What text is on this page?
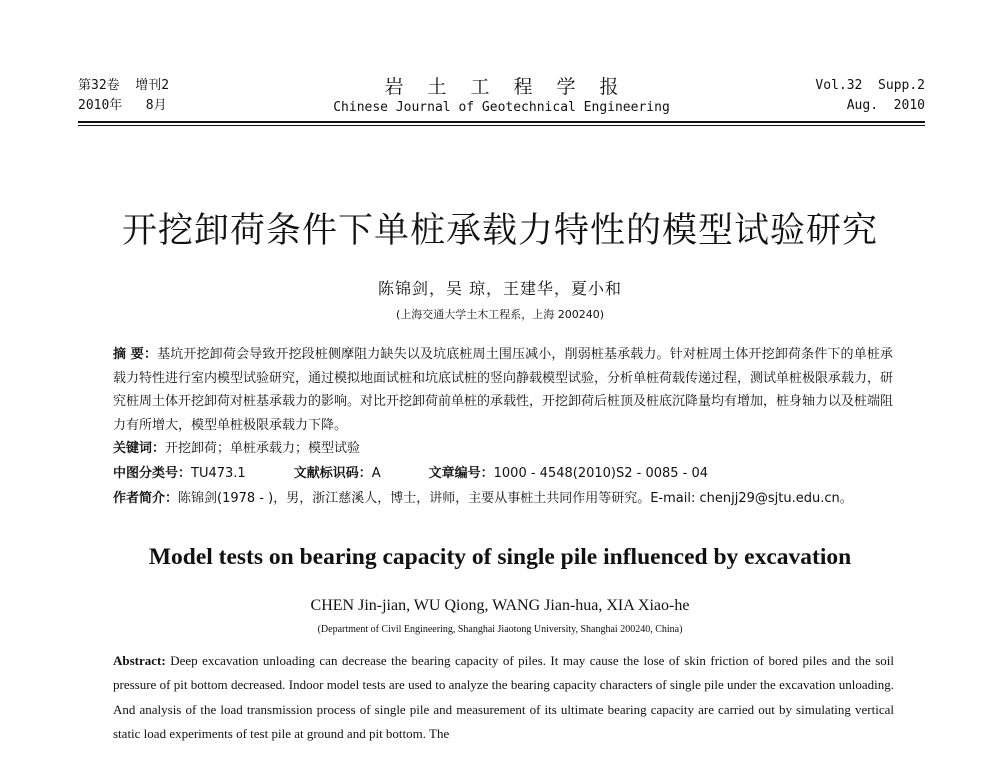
第32卷  增刊2
2010年   8月
岩土工程学报
Chinese Journal of Geotechnical Engineering
Vol.32  Supp.2
Aug.  2010
开挖卸荷条件下单桩承载力特性的模型试验研究
陈锦剑，吴 琼，王建华，夏小和
(上海交通大学土木工程系，上海 200240)
摘 要：基坑开挖卸荷会导致开挖段桩侧摩阻力缺失以及坑底桩周土围压减小，削弱桩基承载力。针对桩周土体开挖卸荷条件下的单桩承载力特性进行室内模型试验研究，通过模拟地面试桩和坑底试桩的竖向静载模型试验，分析单桩荷载传递过程，测试单桩极限承载力，研究桩周土体开挖卸荷对桩基承载力的影响。对比开挖卸荷前单桩的承载性，开挖卸荷后桩顶及桩底沉降量均有增加，桩身轴力以及桩端阻力有所增大，模型单桩极限承载力下降。
关键词：开挖卸荷；单桩承载力；模型试验
中图分类号：TU473.1	文献标识码：A	文章编号：1000 - 4548(2010)S2 - 0085 - 04
作者简介：陈锦剑(1978 - )，男，浙江慈溪人，博士，讲师，主要从事桩土共同作用等研究。E-mail: chenjj29@sjtu.edu.cn。
Model tests on bearing capacity of single pile influenced by excavation
CHEN Jin-jian, WU Qiong, WANG Jian-hua, XIA Xiao-he
(Department of Civil Engineering, Shanghai Jiaotong University, Shanghai 200240, China)
Abstract: Deep excavation unloading can decrease the bearing capacity of piles. It may cause the lose of skin friction of bored piles and the soil pressure of pit bottom decreased. Indoor model tests are used to analyze the bearing capacity characters of single pile under the excavation unloading. And analysis of the load transmission process of single pile and measurement of its ultimate bearing capacity are carried out by simulating vertical static load experiments of test pile at ground and pit bottom. The
